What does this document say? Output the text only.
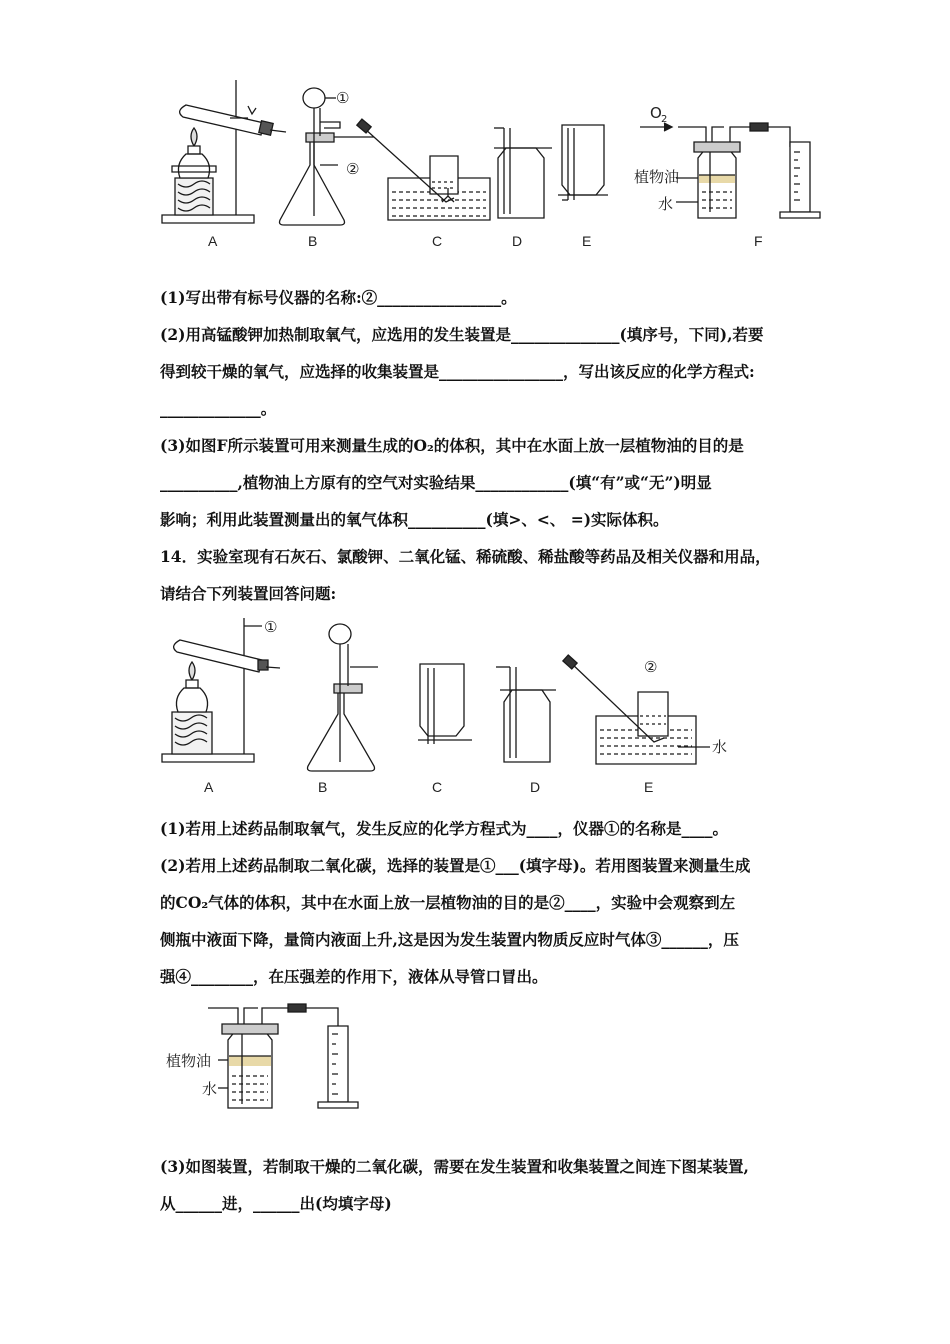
①
②
O 2
植物油
水
A	B	C	D	E	F
(1)写出带有标号仪器的名称:②________________。
(2)用高锰酸钾加热制取氧气，应选用的发生装置是______________(填序号，下同),若要
得到较干燥的氧气，应选择的收集装置是________________，写出该反应的化学方程式:
_____________。
(3)如图F所示装置可用来测量生成的O₂的体积，其中在水面上放一层植物油的目的是
__________,植物油上方原有的空气对实验结果____________(填“有”或“无”)明显
影响；利用此装置测量出的氧气体积__________(填>、<、 =)实际体积。
14．实验室现有石灰石、氯酸钾、二氧化锰、稀硫酸、稀盐酸等药品及相关仪器和用品，
请结合下列装置回答问题:
①
②
水
A	B	C	D	E
(1)若用上述药品制取氧气，发生反应的化学方程式为____，仪器①的名称是____。
(2)若用上述药品制取二氧化碳，选择的装置是①___(填字母)。若用图装置来测量生成
的CO₂气体的体积，其中在水面上放一层植物油的目的是②____，实验中会观察到左
侧瓶中液面下降，量筒内液面上升,这是因为发生装置内物质反应时气体③______，压
强④________，在压强差的作用下，液体从导管口冒出。
植物油
水
(3)如图装置，若制取干燥的二氧化碳，需要在发生装置和收集装置之间连下图某装置,
从______进，______出(均填字母)
